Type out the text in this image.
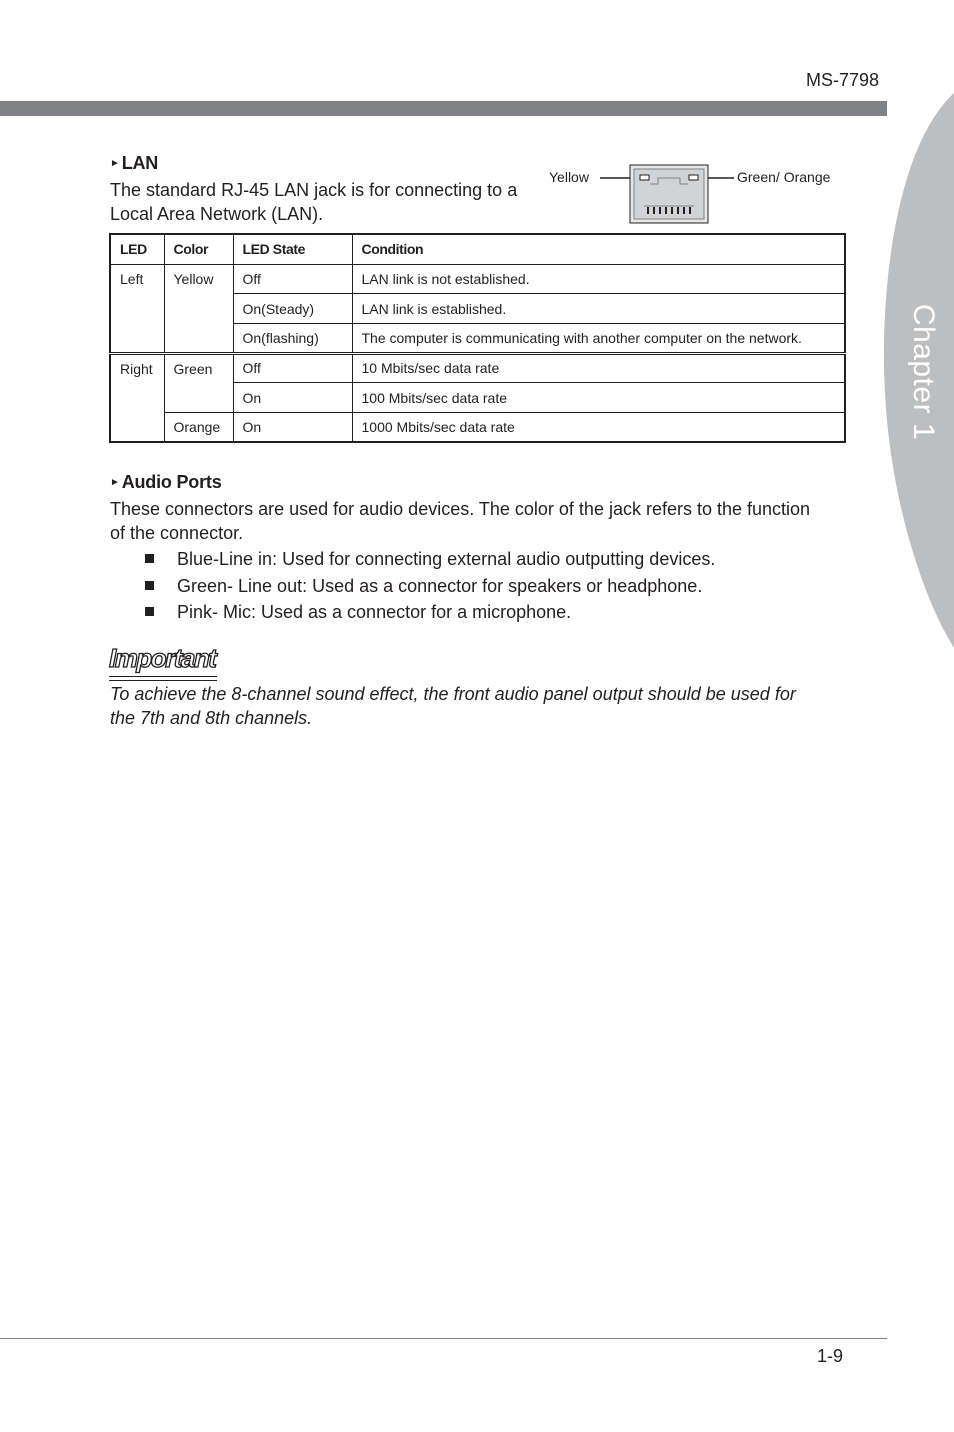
MS-7798
Chapter 1
► LAN
The standard RJ-45 LAN jack is for connecting to a
Local Area Network (LAN).
Yellow	Green/ Orange
LED	Color	LED State	Condition
Left	Yellow	Off	LAN link is not established.
		On(Steady)	LAN link is established.
		On(flashing)	The computer is communicating with another computer on the network.
Right	Green	Off	10 Mbits/sec data rate
		On	100 Mbits/sec data rate
	Orange	On	1000 Mbits/sec data rate
► Audio Ports
These connectors are used for audio devices. The color of the jack refers to the function
of the connector.
Blue-Line in: Used for connecting external audio outputting devices.
Green- Line out: Used as a connector for speakers or headphone.
Pink- Mic: Used as a connector for a microphone.
Important
To achieve the 8-channel sound effect, the front audio panel output should be used for
the 7th and 8th channels.
1-9
